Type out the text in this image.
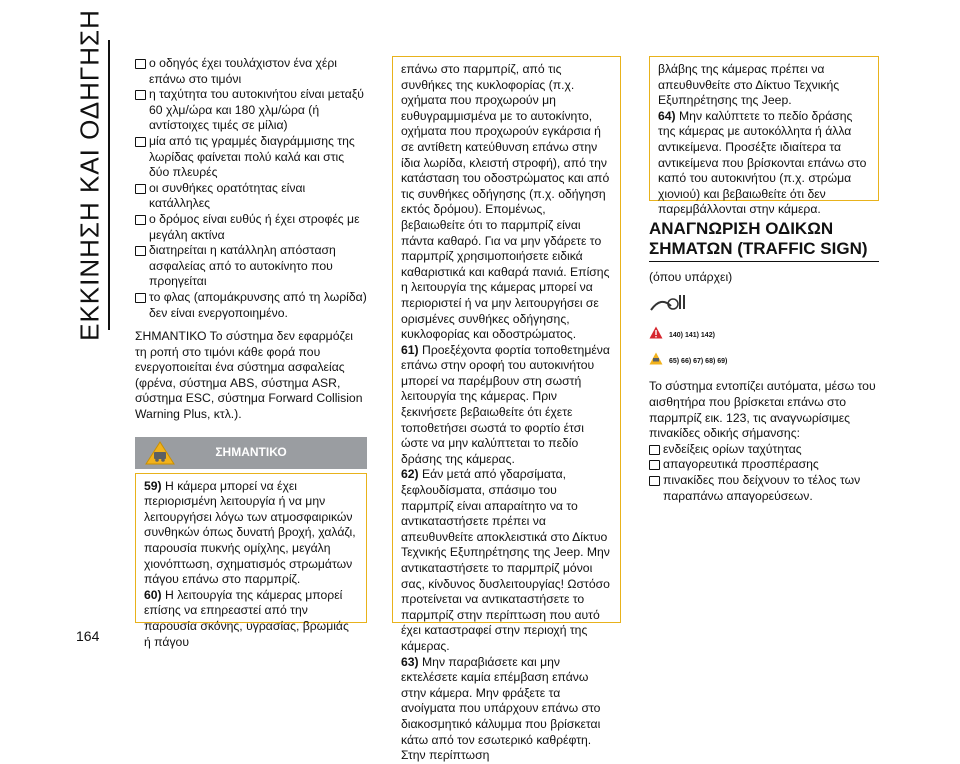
ΕΚΚΙΝΗΣΗ ΚΑΙ ΟΔΗΓΗΣΗ
164
ο οδηγός έχει τουλάχιστον ένα χέρι επάνω στο τιμόνι
η ταχύτητα του αυτοκινήτου είναι μεταξύ 60 χλμ/ώρα και 180 χλμ/ώρα (ή αντίστοιχες τιμές σε μίλια)
μία από τις γραμμές διαγράμμισης της λωρίδας φαίνεται πολύ καλά και στις δύο πλευρές
οι συνθήκες ορατότητας είναι κατάλληλες
ο δρόμος είναι ευθύς ή έχει στροφές με μεγάλη ακτίνα
διατηρείται η κατάλληλη απόσταση ασφαλείας από το αυτοκίνητο που προηγείται
το φλας (απομάκρυνσης από τη λωρίδα) δεν είναι ενεργοποιημένο.
ΣΗΜΑΝΤΙΚΟ Το σύστημα δεν εφαρμόζει τη ροπή στο τιμόνι κάθε φορά που ενεργοποιείται ένα σύστημα ασφαλείας (φρένα, σύστημα ABS, σύστημα ASR, σύστημα ESC, σύστημα Forward Collision Warning Plus, κτλ.).
ΣΗΜΑΝΤΙΚΟ
59) Η κάμερα μπορεί να έχει περιορισμένη λειτουργία ή να μην λειτουργήσει λόγω των ατμοσφαιρικών συνθηκών όπως δυνατή βροχή, χαλάζι, παρουσία πυκνής ομίχλης, μεγάλη χιονόπτωση, σχηματισμός στρωμάτων πάγου επάνω στο παρμπρίζ.
60) Η λειτουργία της κάμερας μπορεί επίσης να επηρεαστεί από την παρουσία σκόνης, υγρασίας, βρωμιάς ή πάγου
επάνω στο παρμπρίζ, από τις συνθήκες της κυκλοφορίας (π.χ. οχήματα που προχωρούν μη ευθυγραμμισμένα με το αυτοκίνητο, οχήματα που προχωρούν εγκάρσια ή σε αντίθετη κατεύθυνση επάνω στην ίδια λωρίδα, κλειστή στροφή), από την κατάσταση του οδοστρώματος και από τις συνθήκες οδήγησης (π.χ. οδήγηση εκτός δρόμου). Επομένως, βεβαιωθείτε ότι το παρμπρίζ είναι πάντα καθαρό. Για να μην γδάρετε το παρμπρίζ χρησιμοποιήσετε ειδικά καθαριστικά και καθαρά πανιά. Επίσης η λειτουργία της κάμερας μπορεί να περιοριστεί ή να μην λειτουργήσει σε ορισμένες συνθήκες οδήγησης, κυκλοφορίας και οδοστρώματος.
61) Προεξέχοντα φορτία τοποθετημένα επάνω στην οροφή του αυτοκινήτου μπορεί να παρέμβουν στη σωστή λειτουργία της κάμερας. Πριν ξεκινήσετε βεβαιωθείτε ότι έχετε τοποθετήσει σωστά το φορτίο έτσι ώστε να μην καλύπτεται το πεδίο δράσης της κάμερας.
62) Εάν μετά από γδαρσίματα, ξεφλουδίσματα, σπάσιμο του παρμπρίζ είναι απαραίτητο να το αντικαταστήσετε πρέπει να απευθυνθείτε αποκλειστικά στο Δίκτυο Τεχνικής Εξυπηρέτησης της Jeep. Μην αντικαταστήσετε το παρμπρίζ μόνοι σας, κίνδυνος δυσλειτουργίας! Ωστόσο προτείνεται να αντικαταστήσετε το παρμπρίζ στην περίπτωση που αυτό έχει καταστραφεί στην περιοχή της κάμερας.
63) Μην παραβιάσετε και μην εκτελέσετε καμία επέμβαση επάνω στην κάμερα. Μην φράξετε τα ανοίγματα που υπάρχουν επάνω στο διακοσμητικό κάλυμμα που βρίσκεται κάτω από τον εσωτερικό καθρέφτη. Στην περίπτωση
βλάβης της κάμερας πρέπει να απευθυνθείτε στο Δίκτυο Τεχνικής Εξυπηρέτησης της Jeep.
64) Μην καλύπτετε το πεδίο δράσης της κάμερας με αυτοκόλλητα ή άλλα αντικείμενα. Προσέξτε ιδιαίτερα τα αντικείμενα που βρίσκονται επάνω στο καπό του αυτοκινήτου (π.χ. στρώμα χιονιού) και βεβαιωθείτε ότι δεν παρεμβάλλονται στην κάμερα.
ΑΝΑΓΝΩΡΙΣΗ ΟΔΙΚΩΝ ΣΗΜΑΤΩΝ (TRAFFIC SIGN)
(όπου υπάρχει)
140) 141) 142)
65) 66) 67) 68) 69)
Το σύστημα εντοπίζει αυτόματα, μέσω του αισθητήρα που βρίσκεται επάνω στο παρμπρίζ εικ. 123, τις αναγνωρίσιμες πινακίδες οδικής σήμανσης:
ενδείξεις ορίων ταχύτητας
απαγορευτικά προσπέρασης
πινακίδες που δείχνουν το τέλος των παραπάνω απαγορεύσεων.
